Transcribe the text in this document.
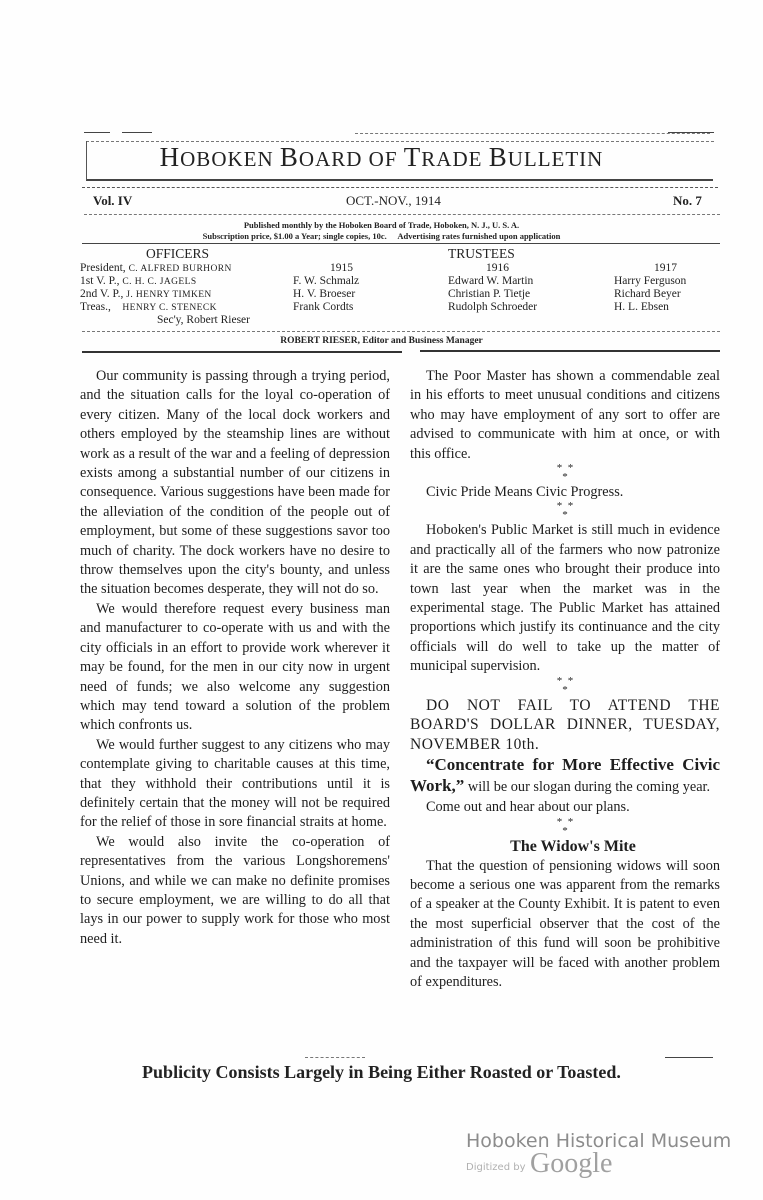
HOBOKEN BOARD OF TRADE BULLETIN
Vol. IV	OCT.-NOV., 1914	No. 7
Published monthly by the Hoboken Board of Trade, Hoboken, N. J., U. S. A.
Subscription price, $1.00 a Year; single copies, 10c. Advertising rates furnished upon application
OFFICERS
President, C. ALFRED BURHORN
1st V. P., C. H. C. JAGELS
2nd V. P., J. HENRY TIMKEN
Treas., HENRY C. STENECK
Sec'y, Robert Rieser
TRUSTEES
1915
F. W. Schmalz
H. V. Broeser
Frank Cordts
1916
Edward W. Martin
Christian P. Tietje
Rudolph Schroeder
1917
Harry Ferguson
Richard Beyer
H. L. Ebsen
ROBERT RIESER, Editor and Business Manager

Our community is passing through a trying period, and the situation calls for the loyal co-operation of every citizen. Many of the local dock workers and others employed by the steamship lines are without work as a result of the war and a feeling of depression exists among a substantial number of our citizens in consequence. Various suggestions have been made for the alleviation of the condition of the people out of employment, but some of these suggestions savor too much of charity. The dock workers have no desire to throw themselves upon the city's bounty, and unless the situation becomes desperate, they will not do so.

We would therefore request every business man and manufacturer to co-operate with us and with the city officials in an effort to provide work wherever it may be found, for the men in our city now in urgent need of funds; we also welcome any suggestion which may tend toward a solution of the problem which confronts us.

We would further suggest to any citizens who may contemplate giving to charitable causes at this time, that they withhold their contributions until it is definitely certain that the money will not be required for the relief of those in sore financial straits at home.

We would also invite the co-operation of representatives from the various Longshoremens' Unions, and while we can make no definite promises to secure employment, we are willing to do all that lays in our power to supply work for those who most need it.

The Poor Master has shown a commendable zeal in his efforts to meet unusual conditions and citizens who may have employment of any sort to offer are advised to communicate with him at once, or with this office.

*  *
*

Civic Pride Means Civic Progress.

*  *
*

Hoboken's Public Market is still much in evidence and practically all of the farmers who now patronize it are the same ones who brought their produce into town last year when the market was in the experimental stage. The Public Market has attained proportions which justify its continuance and the city officials will do well to take up the matter of municipal supervision.

*  *
*

DO NOT FAIL TO ATTEND THE BOARD'S DOLLAR DINNER, TUESDAY, NOVEMBER 10th.

“Concentrate for More Effective Civic Work,” will be our slogan during the coming year.

Come out and hear about our plans.

*  *
*

The Widow's Mite

That the question of pensioning widows will soon become a serious one was apparent from the remarks of a speaker at the County Exhibit. It is patent to even the most superficial observer that the cost of the administration of this fund will soon be prohibitive and the taxpayer will be faced with another problem of expenditures.

Publicity Consists Largely in Being Either Roasted or Toasted.
Hoboken Historical Museum
Digitized by Google
